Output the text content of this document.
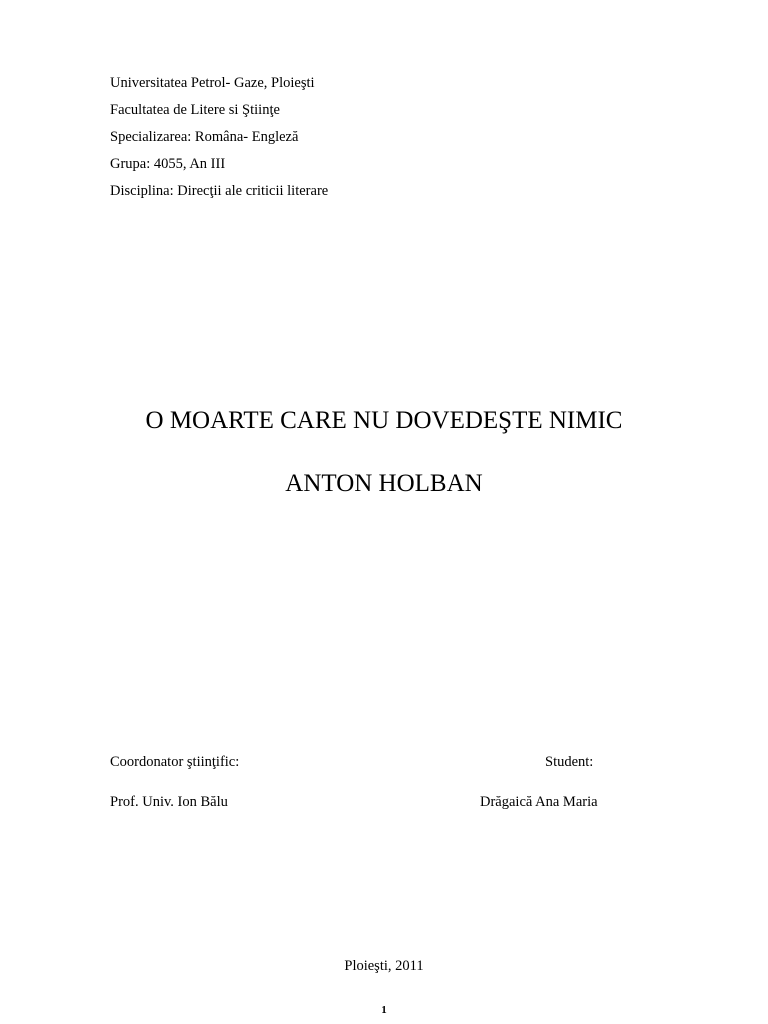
Universitatea Petrol- Gaze, Ploieşti
Facultatea de Litere si Ştiinţe
Specializarea: Româna- Engleză
Grupa: 4055, An III
Disciplina: Direcţii ale criticii literare
O MOARTE CARE NU DOVEDEŞTE NIMIC
ANTON HOLBAN
Coordonator ştiinţific:
Prof. Univ. Ion Bălu
Student:
Drăgaică Ana Maria
Ploieşti, 2011
1
